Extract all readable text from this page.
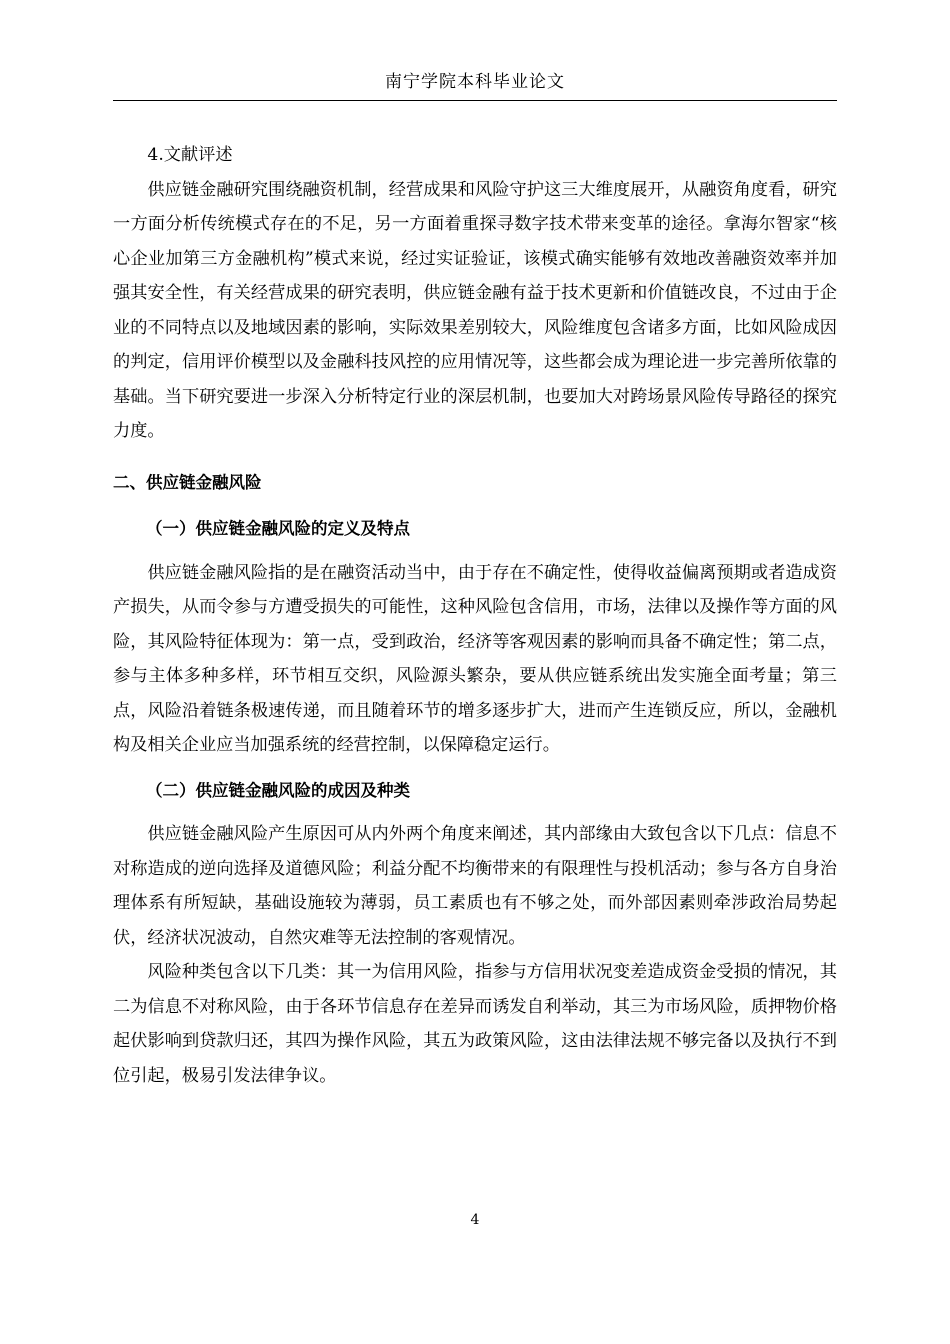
南宁学院本科毕业论文

4.文献评述

供应链金融研究围绕融资机制，经营成果和风险守护这三大维度展开，从融资角度看，研究一方面分析传统模式存在的不足，另一方面着重探寻数字技术带来变革的途径。拿海尔智家“核心企业加第三方金融机构”模式来说，经过实证验证，该模式确实能够有效地改善融资效率并加强其安全性，有关经营成果的研究表明，供应链金融有益于技术更新和价值链改良，不过由于企业的不同特点以及地域因素的影响，实际效果差别较大，风险维度包含诸多方面，比如风险成因的判定，信用评价模型以及金融科技风控的应用情况等，这些都会成为理论进一步完善所依靠的基础。当下研究要进一步深入分析特定行业的深层机制，也要加大对跨场景风险传导路径的探究力度。

二、供应链金融风险

（一）供应链金融风险的定义及特点

供应链金融风险指的是在融资活动当中，由于存在不确定性，使得收益偏离预期或者造成资产损失，从而令参与方遭受损失的可能性，这种风险包含信用，市场，法律以及操作等方面的风险，其风险特征体现为：第一点，受到政治，经济等客观因素的影响而具备不确定性；第二点，参与主体多种多样，环节相互交织，风险源头繁杂，要从供应链系统出发实施全面考量；第三点，风险沿着链条极速传递，而且随着环节的增多逐步扩大，进而产生连锁反应，所以，金融机构及相关企业应当加强系统的经营控制，以保障稳定运行。

（二）供应链金融风险的成因及种类

供应链金融风险产生原因可从内外两个角度来阐述，其内部缘由大致包含以下几点：信息不对称造成的逆向选择及道德风险；利益分配不均衡带来的有限理性与投机活动；参与各方自身治理体系有所短缺，基础设施较为薄弱，员工素质也有不够之处，而外部因素则牵涉政治局势起伏，经济状况波动，自然灾难等无法控制的客观情况。

风险种类包含以下几类：其一为信用风险，指参与方信用状况变差造成资金受损的情况，其二为信息不对称风险，由于各环节信息存在差异而诱发自利举动，其三为市场风险，质押物价格起伏影响到贷款归还，其四为操作风险，其五为政策风险，这由法律法规不够完备以及执行不到位引起，极易引发法律争议。

4
